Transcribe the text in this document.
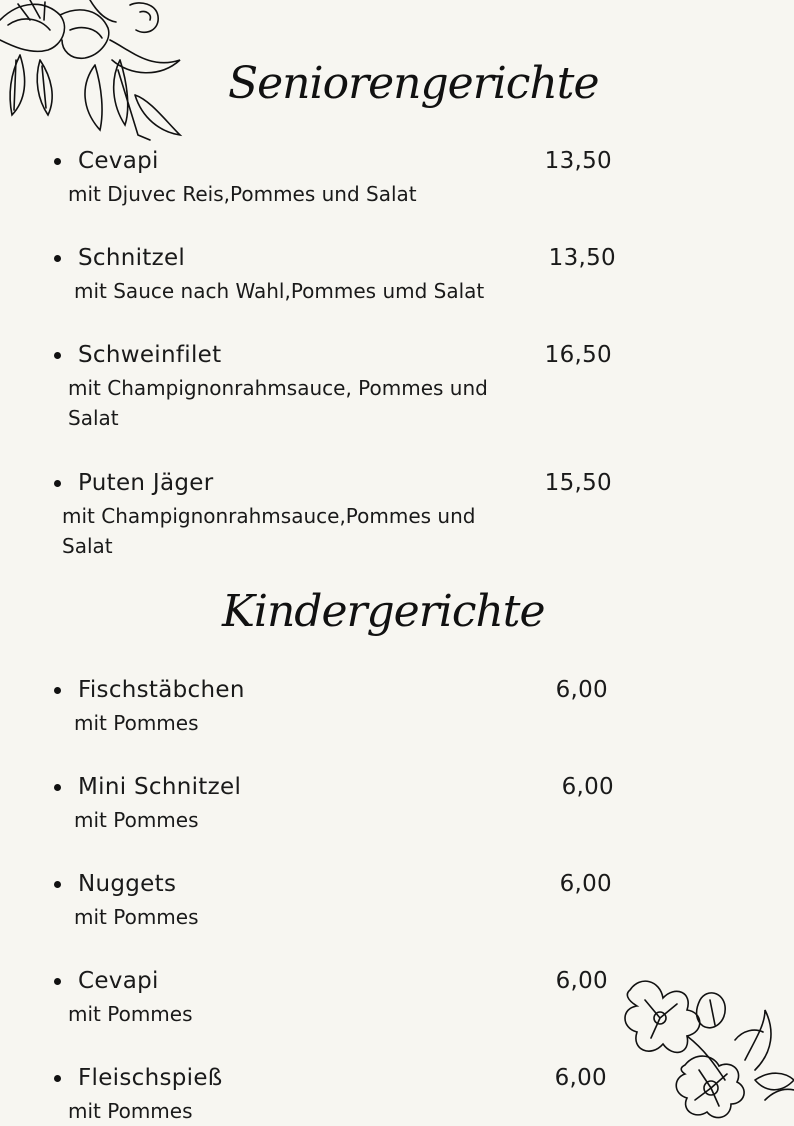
Seniorengerichte
Cevapi	13,50
mit Djuvec Reis,Pommes und Salat
Schnitzel	13,50
mit Sauce nach Wahl,Pommes umd Salat
Schweinfilet	16,50
mit Champignonrahmsauce, Pommes und
Salat
Puten Jäger	15,50
mit Champignonrahmsauce,Pommes und
Salat
Kindergerichte
Fischstäbchen	6,00
mit Pommes
Mini Schnitzel	6,00
mit Pommes
Nuggets	6,00
mit Pommes
Cevapi	6,00
mit Pommes
Fleischspieß	6,00
mit Pommes
